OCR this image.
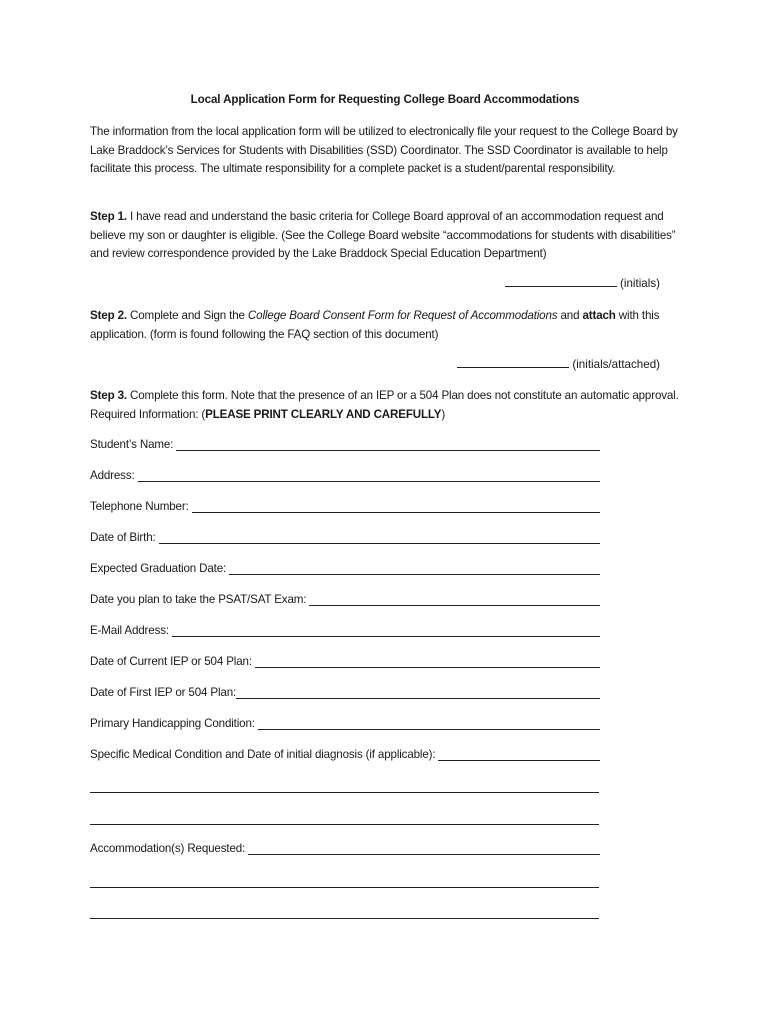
Local Application Form for Requesting College Board Accommodations
The information from the local application form will be utilized to electronically file your request to the College Board by Lake Braddock’s Services for Students with Disabilities (SSD) Coordinator. The SSD Coordinator is available to help facilitate this process. The ultimate responsibility for a complete packet is a student/parental responsibility.
Step 1. I have read and understand the basic criteria for College Board approval of an accommodation request and believe my son or daughter is eligible. (See the College Board website “accommodations for students with disabilities” and review correspondence provided by the Lake Braddock Special Education Department)
(initials)
Step 2. Complete and Sign the College Board Consent Form for Request of Accommodations and attach with this application. (form is found following the FAQ section of this document)
(initials/attached)
Step 3. Complete this form. Note that the presence of an IEP or a 504 Plan does not constitute an automatic approval. Required Information: (PLEASE PRINT CLEARLY AND CAREFULLY)
Student’s Name:
Address:
Telephone Number:
Date of Birth:
Expected Graduation Date:
Date you plan to take the PSAT/SAT Exam:
E-Mail Address:
Date of Current IEP or 504 Plan:
Date of First IEP or 504 Plan:
Primary Handicapping Condition:
Specific Medical Condition and Date of initial diagnosis (if applicable):
Accommodation(s) Requested:
